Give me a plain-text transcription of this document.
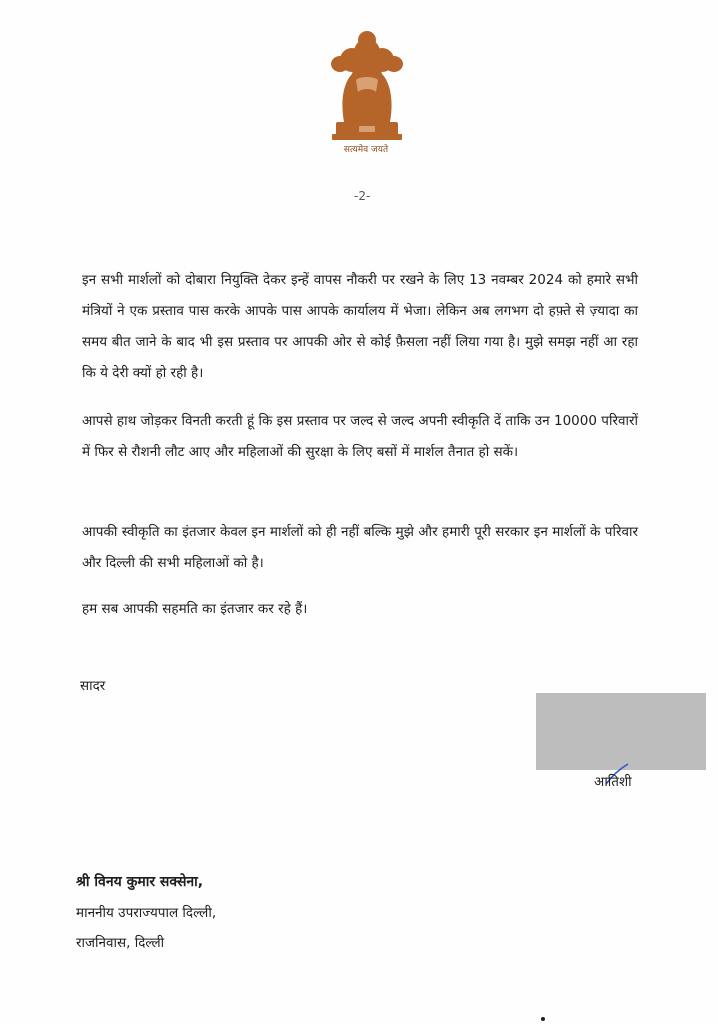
सत्यमेव जयते
-2-

इन सभी मार्शलों को दोबारा नियुक्ति देकर इन्हें वापस नौकरी पर रखने के लिए 13 नवम्बर 2024 को हमारे सभी मंत्रियों ने एक प्रस्ताव पास करके आपके पास आपके कार्यालय में भेजा। लेकिन अब लगभग दो हफ़्ते से ज़्यादा का समय बीत जाने के बाद भी इस प्रस्ताव पर आपकी ओर से कोई फ़ैसला नहीं लिया गया है। मुझे समझ नहीं आ रहा कि ये देरी क्यों हो रही है।

आपसे हाथ जोड़कर विनती करती हूं कि इस प्रस्ताव पर जल्द से जल्द अपनी स्वीकृति दें ताकि उन 10000 परिवारों में फिर से रौशनी लौट आए और महिलाओं की सुरक्षा के लिए बसों में मार्शल तैनात हो सकें।

आपकी स्वीकृति का इंतजार केवल इन मार्शलों को ही नहीं बल्कि मुझे और हमारी पूरी सरकार इन मार्शलों के परिवार और दिल्ली की सभी महिलाओं को है।

हम सब आपकी सहमति का इंतजार कर रहे हैं।

सादर
आतिशी
श्री विनय कुमार सक्सेना,
माननीय उपराज्यपाल दिल्ली,
राजनिवास, दिल्ली
